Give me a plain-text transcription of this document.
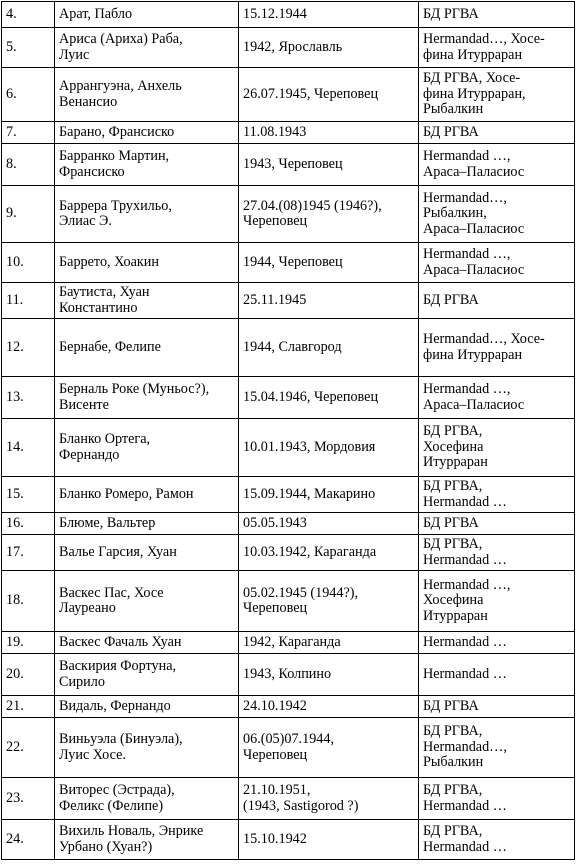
4.	Арат, Пабло	15.12.1944	БД РГВА
5.	Ариса (Ариха) Раба,
Луис	1942, Ярославль	Hermandad…, Хосе-
фина Итурраран
6.	Аррангуэна, Анхель
Венансио	26.07.1945, Череповец	БД РГВА, Хосе-
фина Итурраран,
Рыбалкин
7.	Барано, Франсиско	11.08.1943	БД РГВА
8.	Барранко Мартин,
Франсиско	1943, Череповец	Hermandad …,
Араса–Паласиос
9.	Баррера Трухильо,
Элиас Э.	27.04.(08)1945 (1946?),
Череповец	Hermandad…,
Рыбалкин,
Араса–Паласиос
10.	Баррето, Хоакин	1944, Череповец	Hermandad …,
Араса–Паласиос
11.	Баутиста, Хуан
Константино	25.11.1945	БД РГВА
12.	Бернабе, Фелипе	1944, Славгород	Hermandad…, Хосе-
фина Итурраран
13.	Берналь Роке (Муньос?),
Висенте	15.04.1946, Череповец	Hermandad …,
Араса–Паласиос
14.	Бланко Ортега,
Фернандо	10.01.1943, Мордовия	БД РГВА,
Хосефина
Итурраран
15.	Бланко Ромеро, Рамон	15.09.1944, Макарино	БД РГВА,
Hermandad …
16.	Блюме, Вальтер	05.05.1943	БД РГВА
17.	Валье Гарсия, Хуан	10.03.1942, Караганда	БД РГВА,
Hermandad …
18.	Васкес Пас, Хосе
Лауреано	05.02.1945 (1944?),
Череповец	Hermandad …,
Хосефина
Итурраран
19.	Васкес Фачаль Хуан	1942, Караганда	Hermandad …
20.	Васкирия Фортуна,
Сирило	1943, Колпино	Hermandad …
21.	Видаль, Фернандо	24.10.1942	БД РГВА
22.	Виньуэла (Бинуэла),
Луис Хосе.	06.(05)07.1944,
Череповец	БД РГВА,
Hermandad…,
Рыбалкин
23.	Виторес (Эстрада),
Феликс (Фелипе)	21.10.1951,
(1943, Sastigorod ?)	БД РГВА,
Hermandad …
24.	Вихиль Новаль, Энрике
Урбано (Хуан?)	15.10.1942	БД РГВА,
Hermandad …
